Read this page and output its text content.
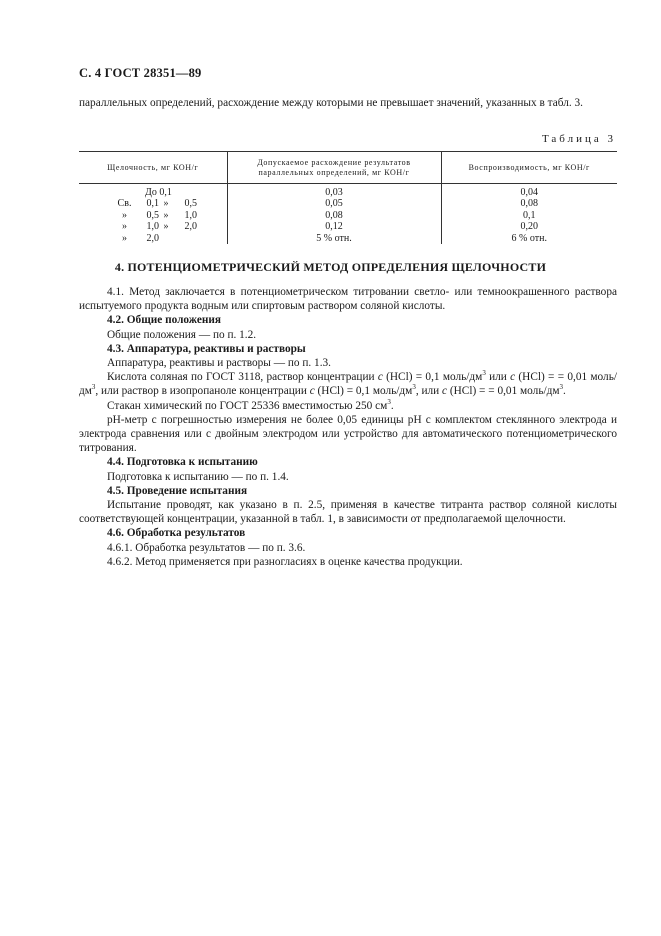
С. 4 ГОСТ 28351—89

параллельных определений, расхождение между которыми не превышает значений, указанных в табл. 3.

Таблица 3
Щелочность, мг КОН/г	Допускаемое расхождение результатов параллельных определений, мг КОН/г	Воспроизводимость, мг КОН/г
До 0,1	0,03	0,04
Св. 0,1 » 0,5	0,05	0,08
» 0,5 » 1,0	0,08	0,1
» 1,0 » 2,0	0,12	0,20
» 2,0	5 % отн.	6 % отн.
4. ПОТЕНЦИОМЕТРИЧЕСКИЙ МЕТОД ОПРЕДЕЛЕНИЯ ЩЕЛОЧНОСТИ

4.1. Метод заключается в потенциометрическом титровании светло- или темноокрашенного раствора испытуемого продукта водным или спиртовым раствором соляной кислоты.

4.2. Общие положения

Общие положения — по п. 1.2.

4.3. Аппаратура, реактивы и растворы

Аппаратура, реактивы и растворы — по п. 1.3.

Кислота соляная по ГОСТ 3118, раствор концентрации c (HCl) = 0,1 моль/$дм^3$ или c (HCl) = = 0,01 моль/$дм^3$, или раствор в изопропаноле концентрации c (HCl) = 0,1 моль/$дм^3$, или c (HCl) = = 0,01 моль/$дм^3$.

Стакан химический по ГОСТ 25336 вместимостью 250 $см^3$.

рН-метр с погрешностью измерения не более 0,05 единицы рН с комплектом стеклянного электрода и электрода сравнения или с двойным электродом или устройство для автоматического потенциометрического титрования.

4.4. Подготовка к испытанию

Подготовка к испытанию — по п. 1.4.

4.5. Проведение испытания

Испытание проводят, как указано в п. 2.5, применяя в качестве титранта раствор соляной кислоты соответствующей концентрации, указанной в табл. 1, в зависимости от предполагаемой щелочности.

4.6. Обработка результатов

4.6.1. Обработка результатов — по п. 3.6.

4.6.2. Метод применяется при разногласиях в оценке качества продукции.
